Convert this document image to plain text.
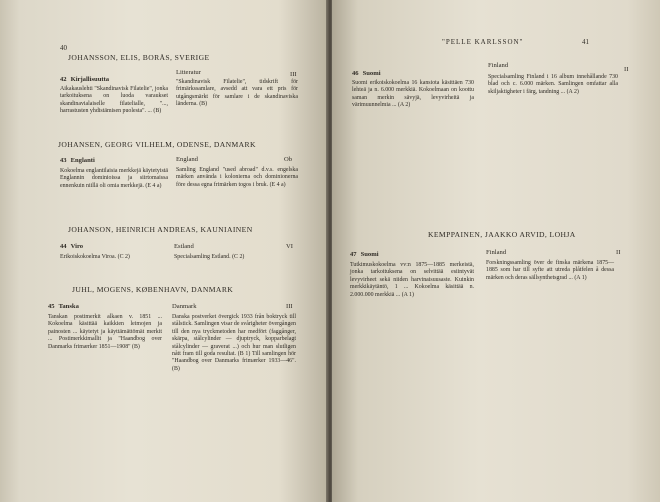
40
JOHANSSON, ELIS, BORÅS, SVERIGE
42 Kirjallisuutta
Aikakauslehti "Skandinavisk Filatelie", jonka tarkoituksena on luoda varaukset skandinavialaiselle filatelialle, "..., harrastusten yhdistämisen puolesta". ... (B)
Litteratur	III
"Skandinavisk Filatelie", tidskrift för frimärkssamlare, avsedd att vara ett pris för utgångsmärkt för samlare i de skandinaviska länderna. (B)
JOHANSEN, GEORG VILHELM, ODENSE, DANMARK
43 Englanti
Kokoelma englantilaisia merkkejä käytetyistä Englannin dominioissa ja siirtomaissa ennenkuin niillä oli omia merkkejä. (E 4 a)
England	Ob
Samling England "used abroad" d.v.s. engelska märken använda i kolonierna och dominionerna före dessa egna frimärken togos i bruk. (E 4 a)
JOHANSON, HEINRICH ANDREAS, KAUNIAINEN
44 Viro
Erikoiskokoelma Viroa. (C 2)
Estland	VI
Specialsamling Estland. (C 2)
JUHL, MOGENS, KØBENHAVN, DANMARK
45 Tanska
Tanskan postimerkit alkaen v. 1851 ... Kokoelma käsittää kaikkien leimojen ja painosten ... käytetyt ja käyttämättömät merkit ... Postimerkkimallit ja "Haandbog over Danmarks frimærker 1851—1908" (B)
Danmark	III
Danska postverket övergick 1933 från boktryck till stålstick. Samlingen visar de svårigheter övergången till den nya tryckmetoden har medfört (faggånger, skärpa, stålcylinder — djuptryck, kopparbelagt stålcylinder — graverat ...) och hur man slutligen nått fram till goda resultat. (B 1) Till samlingen hör "Haandbog over Danmarks frimærker 1933—46". (B)
41
"PELLE KARLSSON"
46 Suomi
Suomi erikoiskokoelma 16 kansiota käsittäen 730 lehteä ja n. 6.000 merkkiä. Kokoelmaan on koottu saman merkin sävyjä, levyvirheitä ja värimuunnelmia ... (A 2)
Finland
II
Specialsamling Finland i 16 album innehållande 730 blad och c. 6.000 märken. Samlingen omfattar alla skiljaktigheter i färg, tandning ... (A 2)
KEMPPAINEN, JAAKKO ARVID, LOHJA
47 Suomi
Tutkimuskokoelma vv:n 1875—1885 merkeistä, jonka tarkoituksena on selvittää esiintyvät levyvirheet sekä niiden harvinaisuusaste. Kuinkin merkkikäytäntö, 1 ... Kokoelma käsittää n. 2.000.000 merkkiä ... (A 1)
Finland	II
Forskningssamling över de finska märkena 1875—1885 som har till syfte att utreda plåtfelen å dessa märken och deras sällsynthetsgrad ... (A 1)
